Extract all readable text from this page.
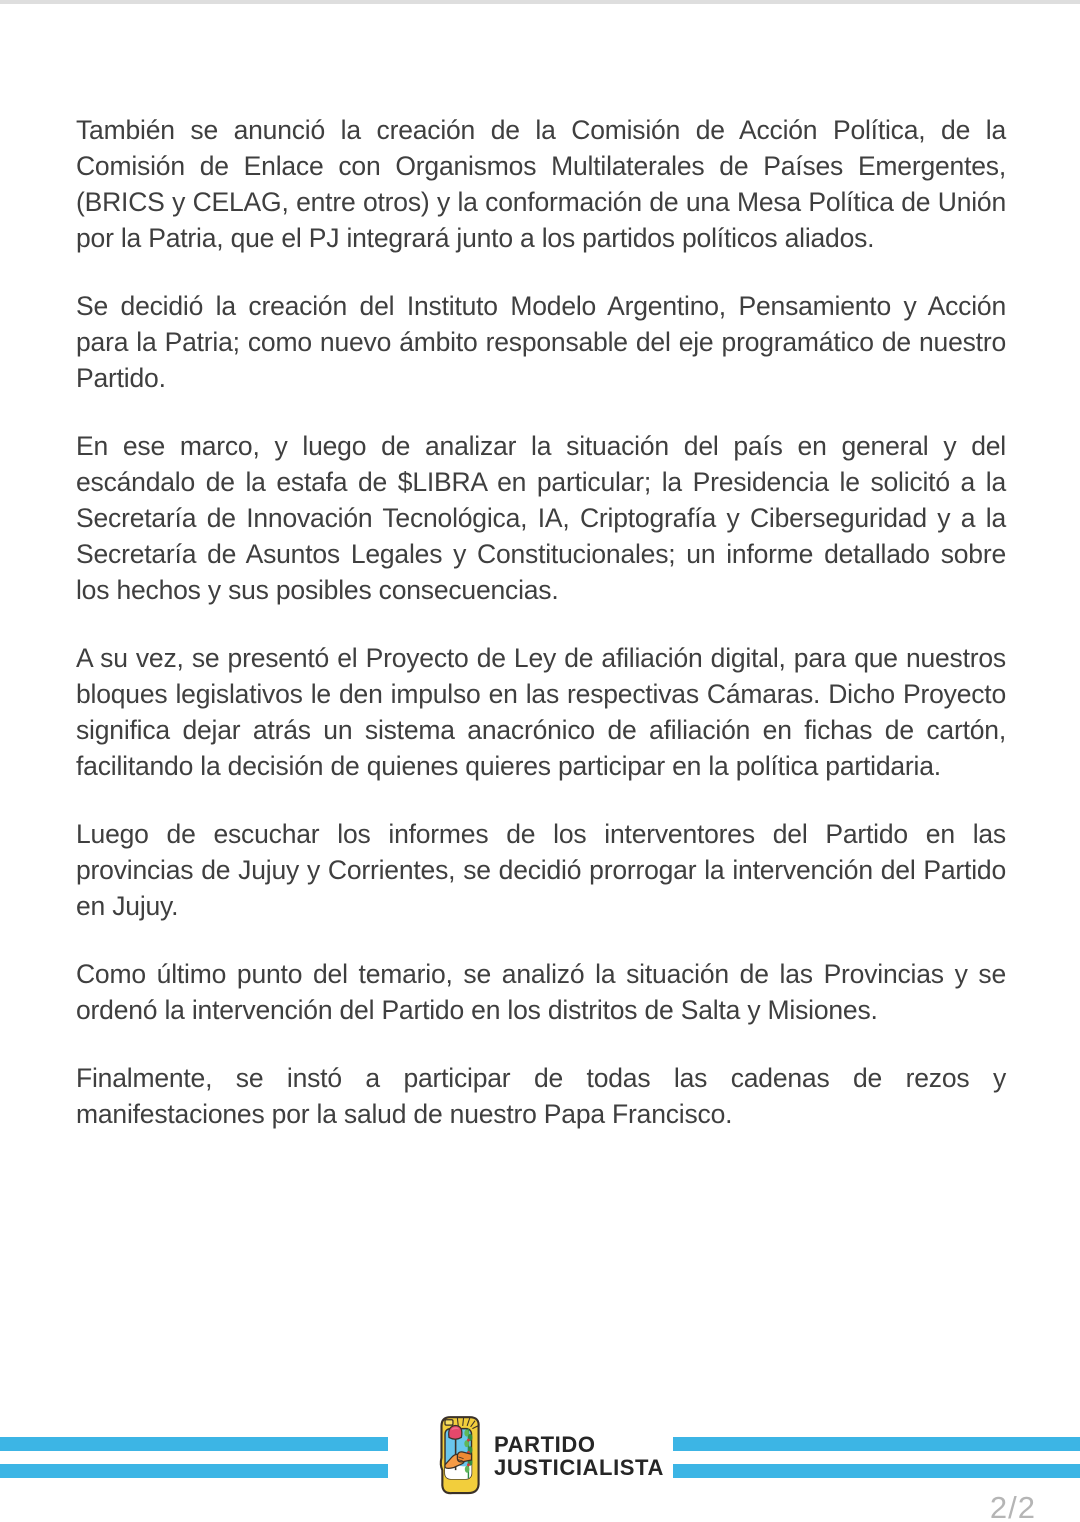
También se anunció la creación de la Comisión de Acción Política, de la Comisión de Enlace con Organismos Multilaterales de Países Emergentes, (BRICS y CELAG, entre otros) y la conformación de una Mesa Política de Unión por la Patria, que el PJ integrará junto a los partidos políticos aliados.

Se decidió la creación del Instituto Modelo Argentino, Pensamiento y Acción para la Patria; como nuevo ámbito responsable del eje programático de nuestro Partido.

En ese marco, y luego de analizar la situación del país en general y del escándalo de la estafa de $LIBRA en particular; la Presidencia le solicitó a la Secretaría de Innovación Tecnológica, IA, Criptografía y Ciberseguridad y a la Secretaría de Asuntos Legales y Constitucionales; un informe detallado sobre los hechos y sus posibles consecuencias.

A su vez, se presentó el Proyecto de Ley de afiliación digital, para que nuestros bloques legislativos le den impulso en las respectivas Cámaras. Dicho Proyecto significa dejar atrás un sistema anacrónico de afiliación en fichas de cartón, facilitando la decisión de quienes quieres participar en la política partidaria.

Luego de escuchar los informes de los interventores del Partido en las provincias de Jujuy y Corrientes, se decidió prorrogar la intervención del Partido en Jujuy.

Como último punto del temario, se analizó la situación de las Provincias y se ordenó la intervención del Partido en los distritos de Salta y Misiones.

Finalmente, se instó a participar de todas las cadenas de rezos y manifestaciones por la salud de nuestro Papa Francisco.

PARTIDO
JUSTICIALISTA
2/2
